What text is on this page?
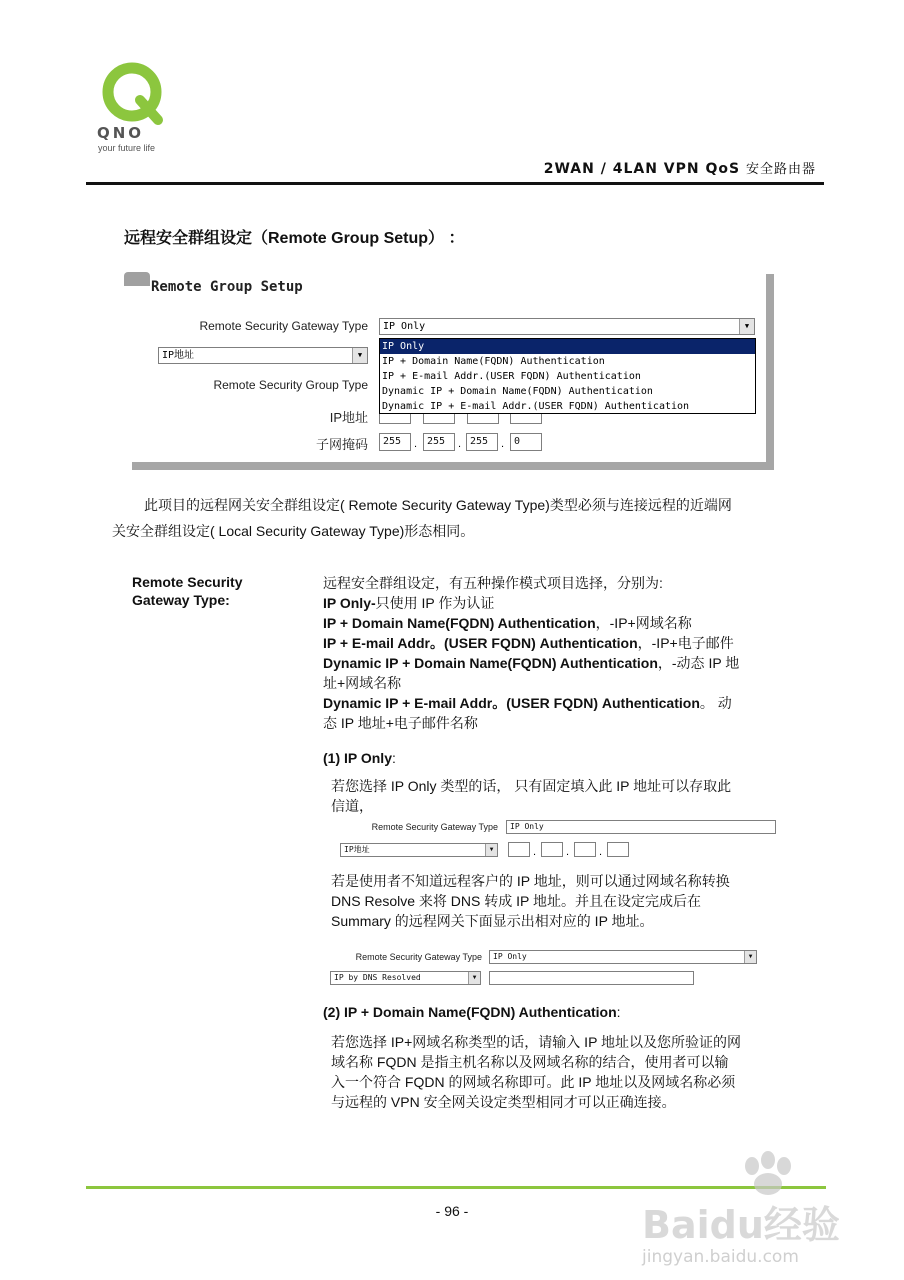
QNO
your future life
2WAN / 4LAN VPN QoS 安全路由器
远程安全群组设定（Remote Group Setup） ：
Remote Group Setup
Remote Security Gateway Type	IP Only	▼
IP地址	▼
Remote Security Group Type
IP地址
子网掩码	255	. 255	. 255	. 0
IP Only
IP + Domain Name(FQDN) Authentication
IP + E-mail Addr.(USER FQDN) Authentication
Dynamic IP + Domain Name(FQDN) Authentication
Dynamic IP + E-mail Addr.(USER FQDN) Authentication
此项目的远程网关安全群组设定( Remote Security Gateway Type)类型必须与连接远程的近端网
关安全群组设定( Local Security Gateway Type)形态相同。
Remote Security
Gateway Type:
远程安全群组设定，有五种操作模式项目选择，分别为:
IP Only-只使用 IP 作为认证
IP + Domain Name(FQDN) Authentication，-IP+网域名称
IP + E-mail Addr。(USER FQDN) Authentication，-IP+电子邮件
Dynamic IP + Domain Name(FQDN) Authentication，-动态 IP 地
址+网域名称
Dynamic IP + E-mail Addr。(USER FQDN) Authentication。 动
态 IP 地址+电子邮件名称
(1) IP Only:
若您选择 IP Only 类型的话， 只有固定填入此 IP 地址可以存取此
信道，
Remote Security Gateway Type	IP Only
IP地址	▼	.	.	.
若是使用者不知道远程客户的 IP 地址，则可以通过网域名称转换
DNS Resolve 来将 DNS 转成 IP 地址。并且在设定完成后在
Summary 的远程网关下面显示出相对应的 IP 地址。
Remote Security Gateway Type	IP Only	▼
IP by DNS Resolved	▼
(2) IP + Domain Name(FQDN) Authentication:
若您选择 IP+网域名称类型的话，请输入 IP 地址以及您所验证的网
域名称 FQDN 是指主机名称以及网域名称的结合，使用者可以输
入一个符合 FQDN 的网域名称即可。此 IP 地址以及网域名称必须
与远程的 VPN 安全网关设定类型相同才可以正确连接。
- 96 -	Baidu经验
jingyan.baidu.com
